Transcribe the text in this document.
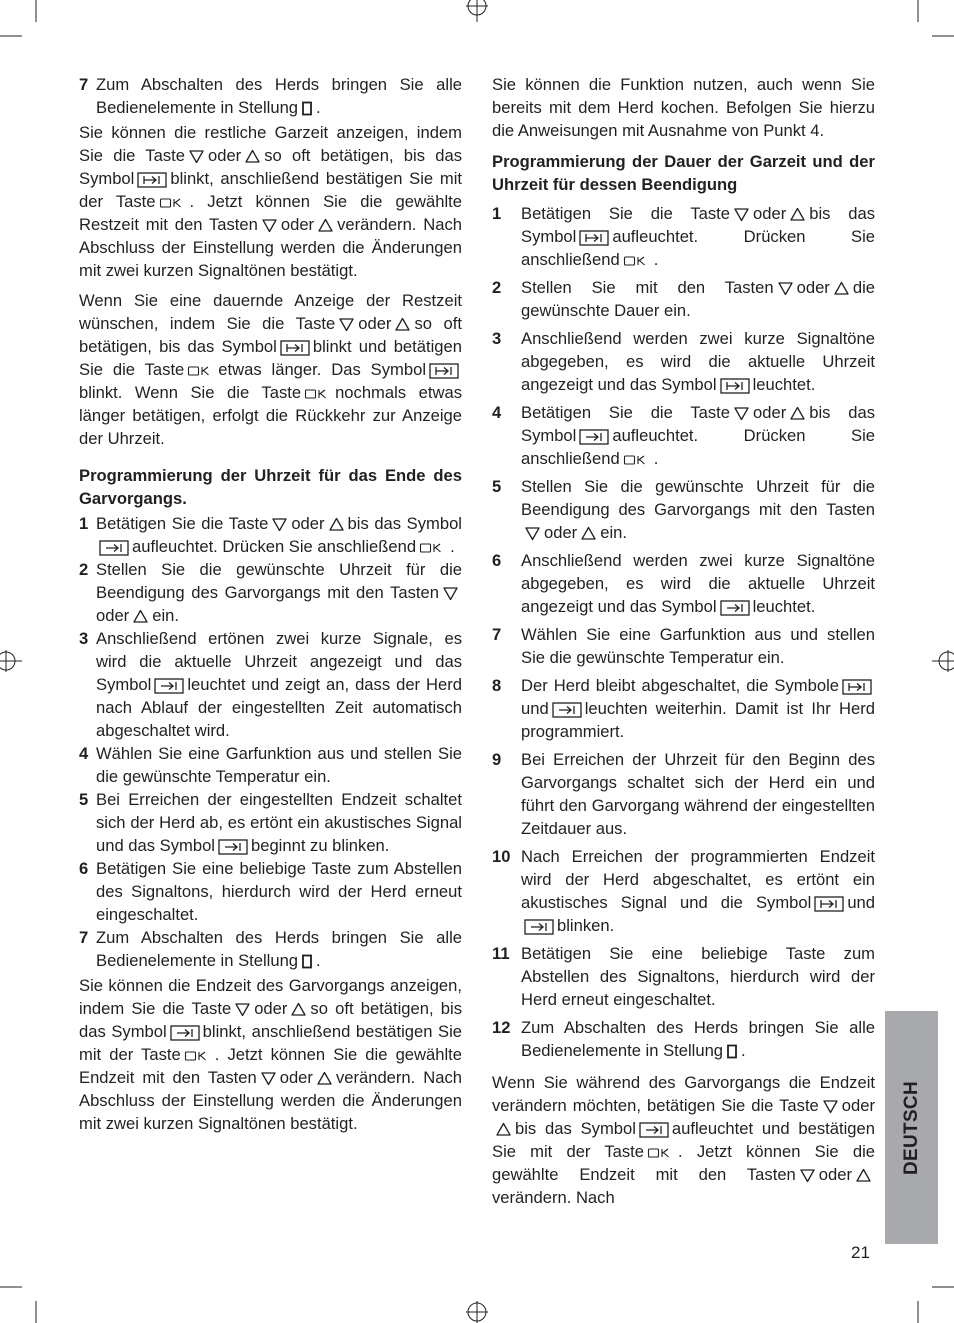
7 Zum Abschalten des Herds bringen Sie alle Bedienelemente in Stellung .

Sie können die restliche Garzeit anzeigen, indem Sie die Taste oder so oft betätigen, bis das Symbol blinkt, anschließend bestätigen Sie mit der Taste . Jetzt können Sie die gewählte Restzeit mit den Tasten oder verändern. Nach Abschluss der Einstellung werden die Änderungen mit zwei kurzen Signaltönen bestätigt.

Wenn Sie eine dauernde Anzeige der Restzeit wünschen, indem Sie die Taste oder so oft betätigen, bis das Symbol blinkt und betätigen Sie die Taste etwas länger. Das Symbolblinkt. Wenn Sie die Taste nochmals etwas länger betätigen, erfolgt die Rückkehr zur Anzeige der Uhrzeit.

Programmierung der Uhrzeit für das Ende des Garvorgangs.

1 Betätigen Sie die Taste oder bis das Symbolaufleuchtet. Drücken Sie anschließend .
2 Stellen Sie die gewünschte Uhrzeit für die Beendigung des Garvorgangs mit den Tastenoder ein.
3 Anschließend ertönen zwei kurze Signale, es wird die aktuelle Uhrzeit angezeigt und das Symbol leuchtet und zeigt an, dass der Herd nach Ablauf der eingestellten Zeit automatisch abgeschaltet wird.
4 Wählen Sie eine Garfunktion aus und stellen Sie die gewünschte Temperatur ein.
5 Bei Erreichen der eingestellten Endzeit schaltet sich der Herd ab, es ertönt ein akustisches Signal und das Symbol beginnt zu blinken.
6 Betätigen Sie eine beliebige Taste zum Abstellen des Signaltons, hierdurch wird der Herd erneut eingeschaltet.
7 Zum Abschalten des Herds bringen Sie alle Bedienelemente in Stellung .

Sie können die Endzeit des Garvorgangs anzeigen, indem Sie die Taste oder so oft betätigen, bis das Symbol blinkt, anschließend bestätigen Sie mit der Taste . Jetzt können Sie die gewählte Endzeit mit den Tasten oder verändern. Nach Abschluss der Einstellung werden die Änderungen mit zwei kurzen Signaltönen bestätigt.

Sie können die Funktion nutzen, auch wenn Sie bereits mit dem Herd kochen. Befolgen Sie hierzu die Anweisungen mit Ausnahme von Punkt 4.

Programmierung der Dauer der Garzeit und der Uhrzeit für dessen Beendigung

1	Betätigen Sie die Taste oder bis das Symbol aufleuchtet. Drücken Sie anschließend .
2	Stellen Sie mit den Tasten oder die gewünschte Dauer ein.
3	Anschließend werden zwei kurze Signaltöne abgegeben, es wird die aktuelle Uhrzeit angezeigt und das Symbol leuchtet.
4	Betätigen Sie die Taste oder bis das Symbol aufleuchtet. Drücken Sie anschließend .
5	Stellen Sie die gewünschte Uhrzeit für die Beendigung des Garvorgangs mit den Tastenoder ein.
6	Anschließend werden zwei kurze Signaltöne abgegeben, es wird die aktuelle Uhrzeit angezeigt und das Symbol leuchtet.
7	Wählen Sie eine Garfunktion aus und stellen Sie die gewünschte Temperatur ein.
8	Der Herd bleibt abgeschaltet, die Symboleund leuchten weiterhin. Damit ist Ihr Herd programmiert.
9	Bei Erreichen der Uhrzeit für den Beginn des Garvorgangs schaltet sich der Herd ein und führt den Garvorgang während der eingestellten Zeitdauer aus.
10 Nach Erreichen der programmierten Endzeit wird der Herd abgeschaltet, es ertönt ein akustisches Signal und die Symbol undblinken.
11 Betätigen Sie eine beliebige Taste zum Abstellen des Signaltons, hierdurch wird der Herd erneut eingeschaltet.
12 Zum Abschalten des Herds bringen Sie alle Bedienelemente in Stellung .

Wenn Sie während des Garvorgangs die Endzeit verändern möchten, betätigen Sie die Taste oderbis das Symbol aufleuchtet und bestätigen Sie mit der Taste . Jetzt können Sie die gewählte Endzeit mit den Tasten oderverändern. Nach

DEUTSCH
21
